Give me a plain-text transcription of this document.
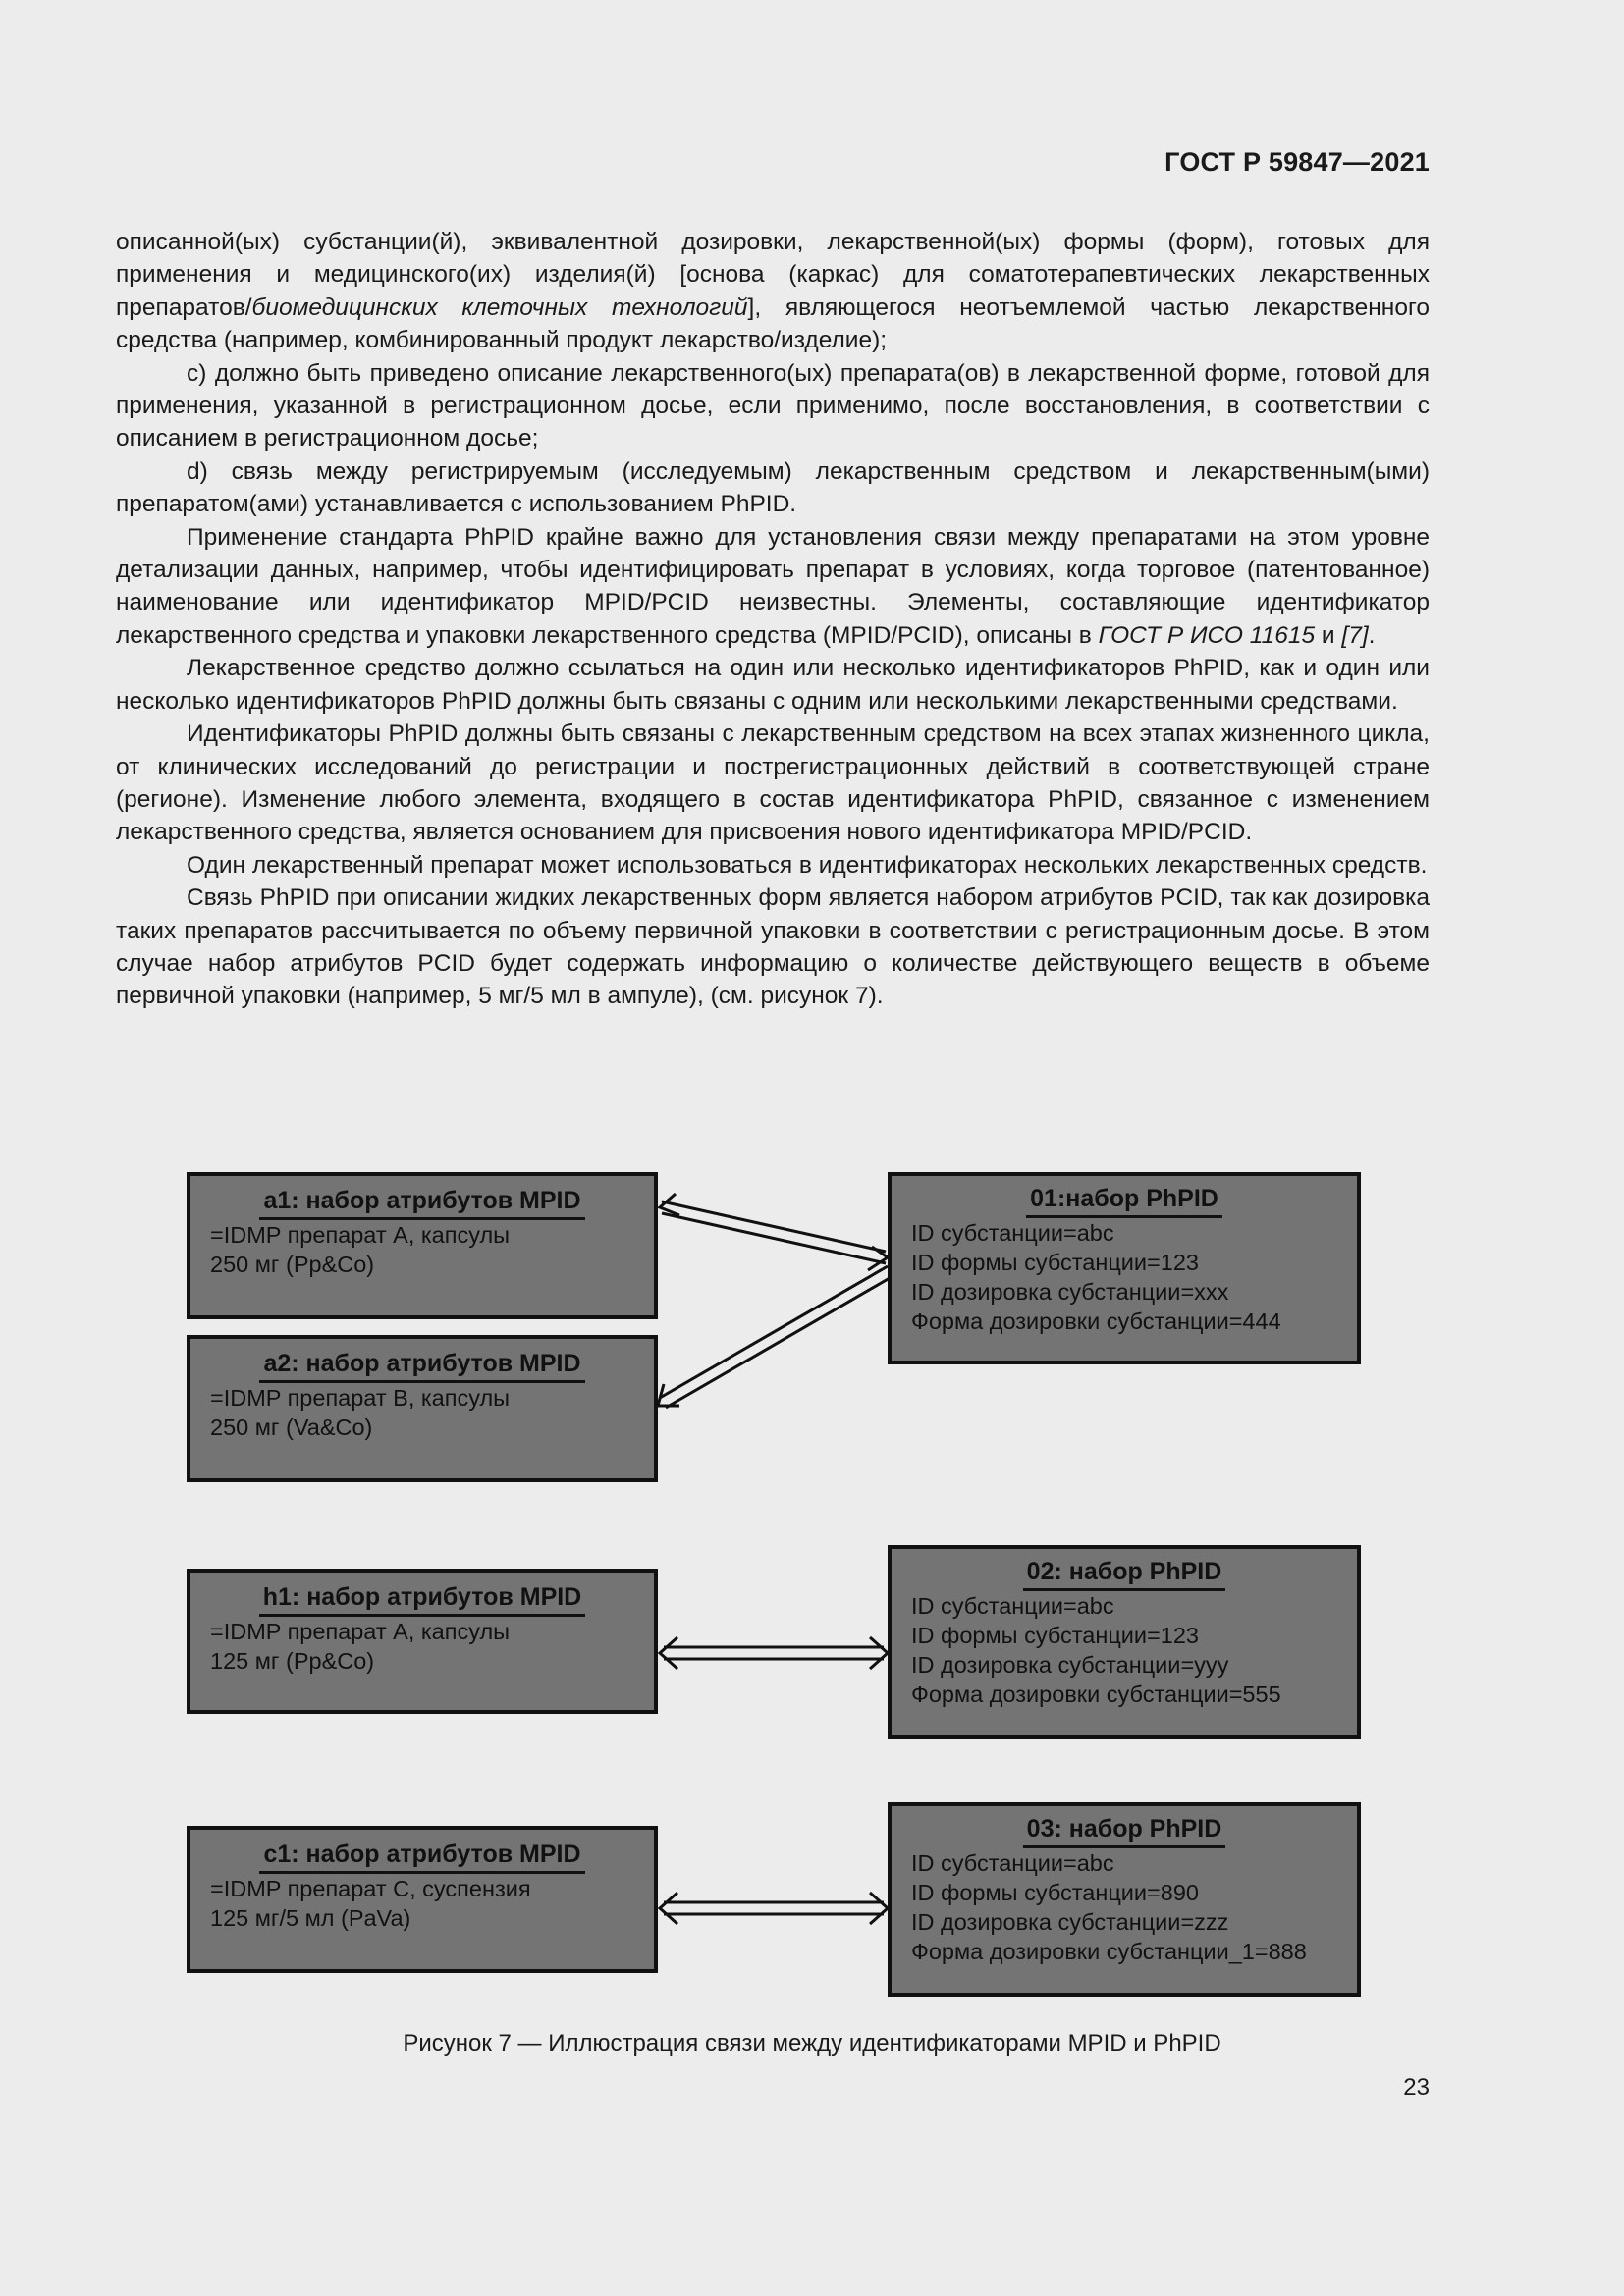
ГОСТ Р 59847—2021

описанной(ых) субстанции(й), эквивалентной дозировки, лекарственной(ых) формы (форм), готовых для применения и медицинского(их) изделия(й) [основа (каркас) для соматотерапевтических лекарственных препаратов/биомедицинских клеточных технологий], являющегося неотъемлемой частью лекарственного средства (например, комбинированный продукт лекарство/изделие);

c) должно быть приведено описание лекарственного(ых) препарата(ов) в лекарственной форме, готовой для применения, указанной в регистрационном досье, если применимо, после восстановления, в соответствии с описанием в регистрационном досье;

d) связь между регистрируемым (исследуемым) лекарственным средством и лекарственным(ыми) препаратом(ами) устанавливается с использованием PhPID.

Применение стандарта PhPID крайне важно для установления связи между препаратами на этом уровне детализации данных, например, чтобы идентифицировать препарат в условиях, когда торговое (патентованное) наименование или идентификатор MPID/PCID неизвестны. Элементы, составляющие идентификатор лекарственного средства и упаковки лекарственного средства (MPID/PCID), описаны в ГОСТ Р ИСО 11615 и [7].

Лекарственное средство должно ссылаться на один или несколько идентификаторов PhPID, как и один или несколько идентификаторов PhPID должны быть связаны с одним или несколькими лекарственными средствами.

Идентификаторы PhPID должны быть связаны с лекарственным средством на всех этапах жизненного цикла, от клинических исследований до регистрации и пострегистрационных действий в соответствующей стране (регионе). Изменение любого элемента, входящего в состав идентификатора PhPID, связанное с изменением лекарственного средства, является основанием для присвоения нового идентификатора MPID/PCID.

Один лекарственный препарат может использоваться в идентификаторах нескольких лекарственных средств.

Связь PhPID при описании жидких лекарственных форм является набором атрибутов PCID, так как дозировка таких препаратов рассчитывается по объему первичной упаковки в соответствии с регистрационным досье. В этом случае набор атрибутов PCID будет содержать информацию о количестве действующего веществ в объеме первичной упаковки (например, 5 мг/5 мл в ампуле), (см. рисунок 7).

a1: набор атрибутов MPID
=IDMP препарат А, капсулы
250 мг (Pp&Co)
a2: набор атрибутов MPID
=IDMP препарат B, капсулы
250 мг (Va&Co)
h1: набор атрибутов MPID
=IDMP препарат A, капсулы
125 мг (Pp&Co)
c1: набор атрибутов MPID
=IDMP препарат C, суспензия
125 мг/5 мл (PaVa)
01:набор PhPID
ID субстанции=abc
ID формы субстанции=123
ID дозировка субстанции=xxx
Форма дозировки субстанции=444
02: набор PhPID
ID субстанции=abc
ID формы субстанции=123
ID дозировка субстанции=yyy
Форма дозировки субстанции=555
03: набор PhPID
ID субстанции=abc
ID формы субстанции=890
ID дозировка субстанции=zzz
Форма дозировки субстанции_1=888
Рисунок 7 — Иллюстрация связи между идентификаторами MPID и PhPID
23
